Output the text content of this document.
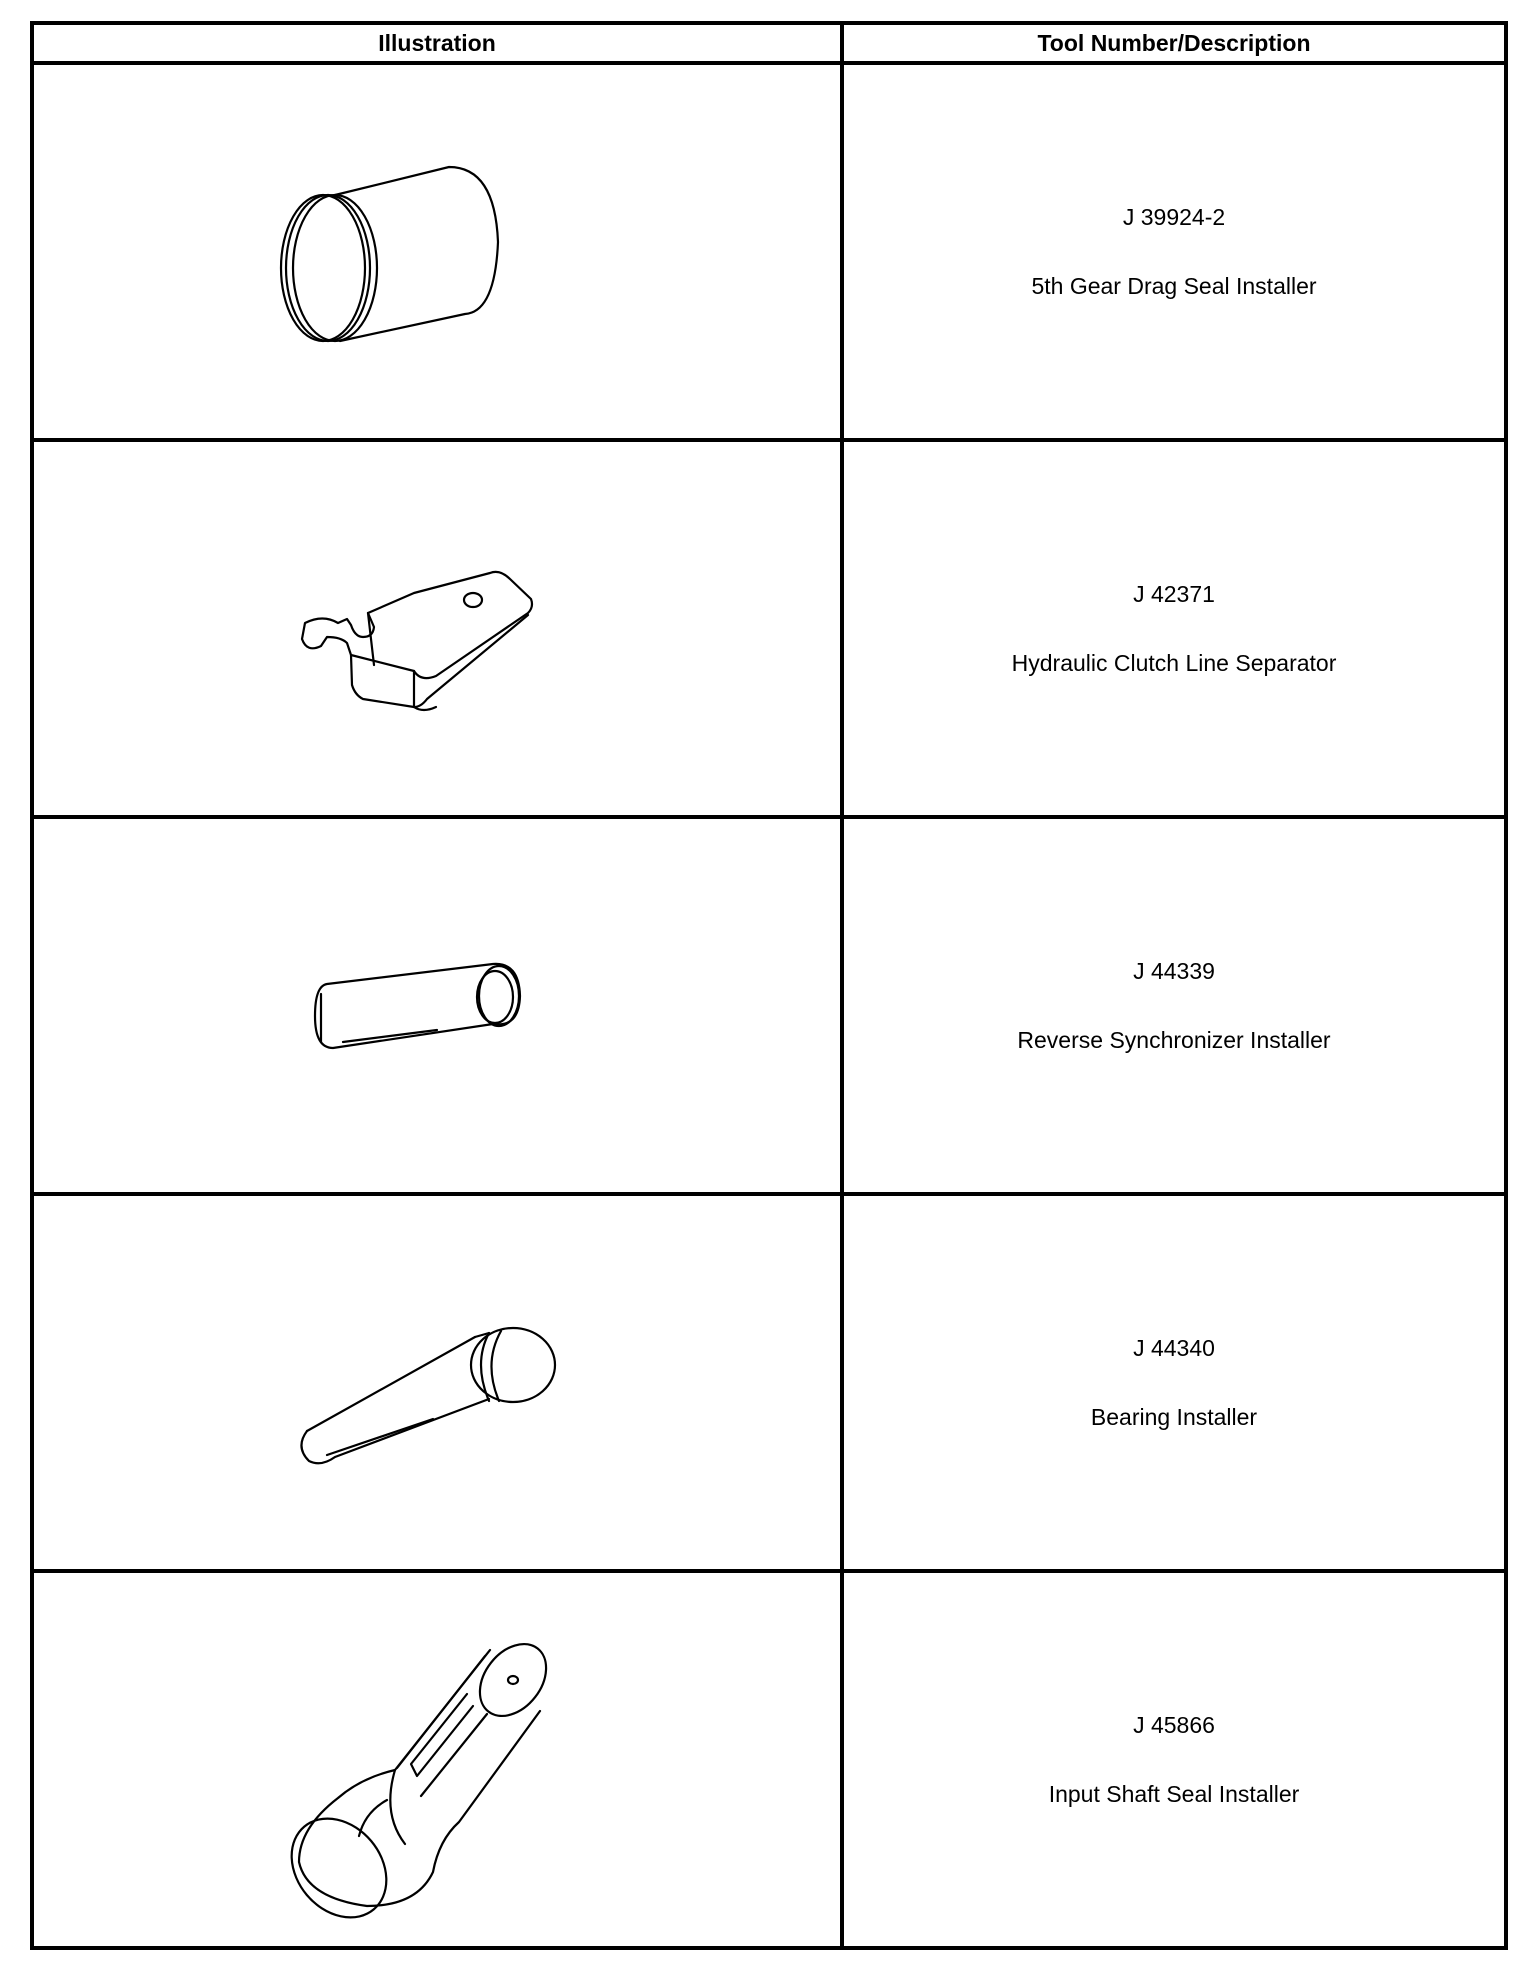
Illustration	Tool Number/Description

J 39924-2
5th Gear Drag Seal Installer

J 42371
Hydraulic Clutch Line Separator

J 44339
Reverse Synchronizer Installer

J 44340
Bearing Installer

J 45866
Input Shaft Seal Installer
